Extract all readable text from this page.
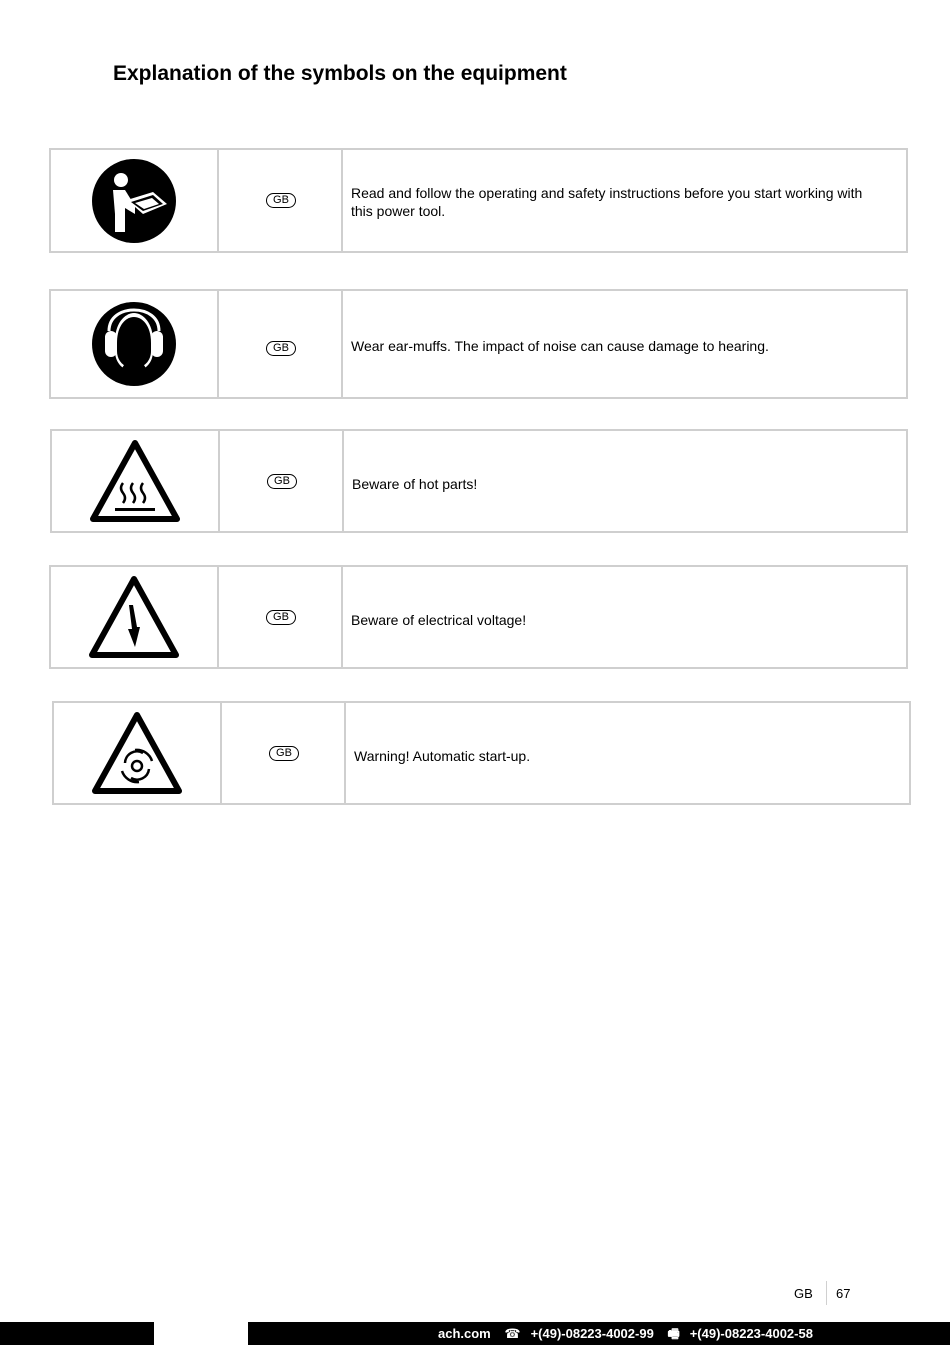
Explanation of the symbols on the equipment
GB	Read and follow the operating and safety instructions before you start working with this power tool.
GB	Wear ear-muffs. The impact of noise can cause damage to hearing.
GB	Beware of hot parts!
GB	Beware of electrical voltage!
GB	Warning! Automatic start-up.
GB 67
ach.com ☎ +(49)-08223-4002-99 🖷 +(49)-08223-4002-58
